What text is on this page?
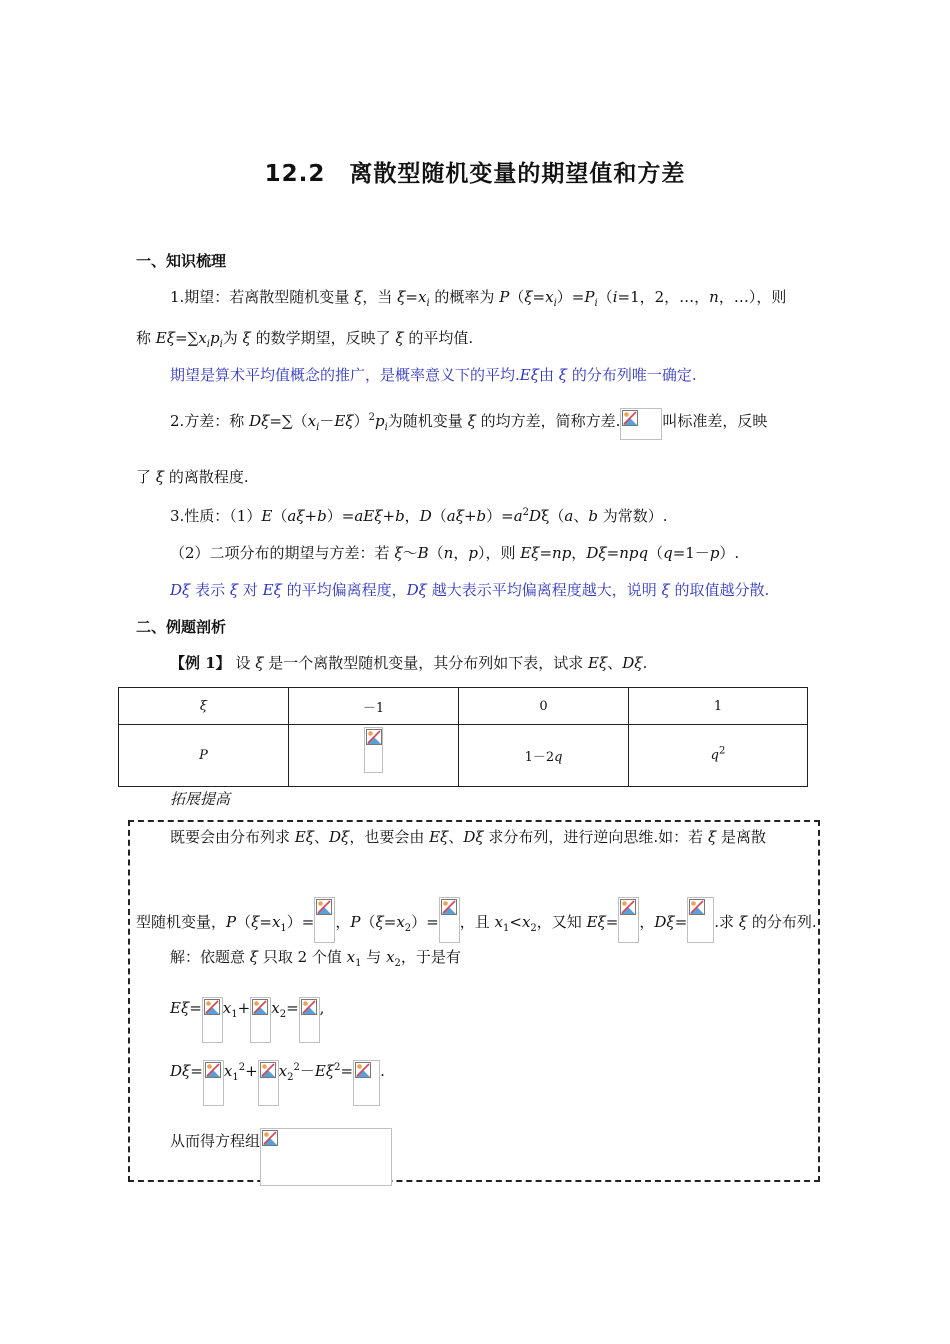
12.2　离散型随机变量的期望值和方差
一、知识梳理
1.期望：若离散型随机变量 ξ，当 $\xi=x_i$ 的概率为 $P(\xi=x_i)=P_i(i=1$，2，…，n，…），则
称 $E\xi=\sum x_ip_i$为 ξ 的数学期望，反映了 ξ 的平均值.
期望是算术平均值概念的推广，是概率意义下的平均.Eξ由 ξ 的分布列唯一确定.
2.方差：称 $D\xi=\sum(x_i-E\xi)^2p_i$为随机变量 ξ 的均方差，简称方差.	叫标准差，反映
了 ξ 的离散程度.
3.性质：（1）E（aξ+b）=aEξ+b，$D(a\xi+b)=a^2D\xi(a$、b 为常数）.
（2）二项分布的期望与方差：若 ξ～B（n，p），则 Eξ=np，Dξ=npq（q=1－p）.
Dξ 表示 ξ 对 Eξ 的平均偏离程度，Dξ 越大表示平均偏离程度越大，说明 ξ 的取值越分散.
二、例题剖析
【例 1】 设 ξ 是一个离散型随机变量，其分布列如下表，试求 Eξ、Dξ.
ξ	－1	0	1
P		1－2q	$q^2$
拓展提高
既要会由分布列求 Eξ、Dξ，也要会由 Eξ、Dξ 求分布列，进行逆向思维.如：若 ξ 是离散
型随机变量，$P(\xi=x_1)=$ ，$P(\xi=x_2)=$ ，且 $x_1<x_2$，又知 Eξ= ，Dξ= .求 ξ 的分布列.
解：依题意 ξ 只取 2 个值 $x_1$ 与 $x_2$，于是有
$E\xi= x_1+ x_2=$ ,
$D\xi= x_1^2+ x_2^2-E\xi^2=$ .
从而得方程组
